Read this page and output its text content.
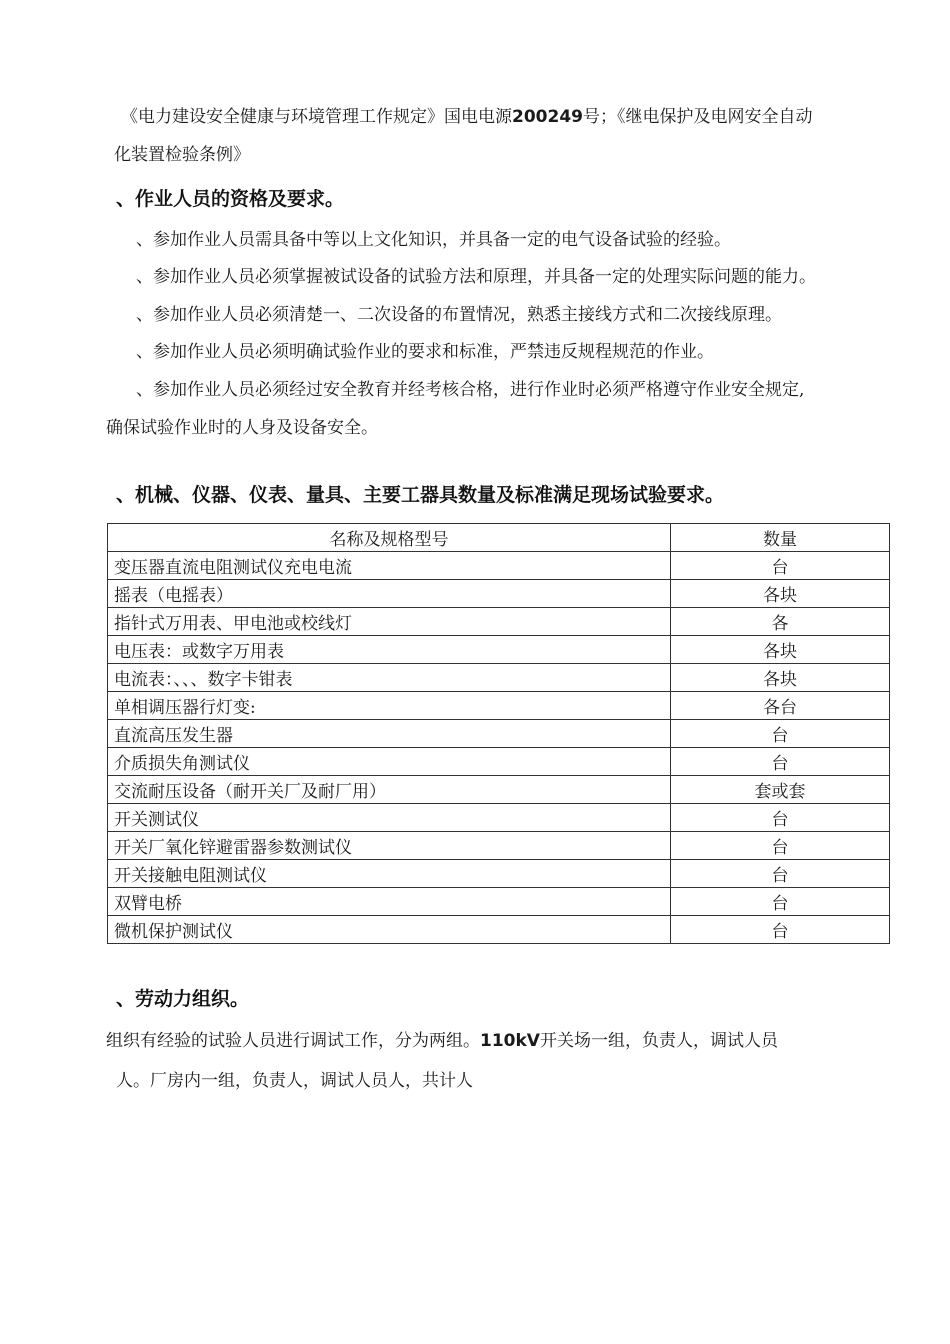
《电力建设安全健康与环境管理工作规定》国电电源200249号；《继电保护及电网安全自动
化装置检验条例》
、作业人员的资格及要求。
、参加作业人员需具备中等以上文化知识，并具备一定的电气设备试验的经验。
、参加作业人员必须掌握被试设备的试验方法和原理，并具备一定的处理实际问题的能力。
、参加作业人员必须清楚一、二次设备的布置情况，熟悉主接线方式和二次接线原理。
、参加作业人员必须明确试验作业的要求和标准，严禁违反规程规范的作业。
、参加作业人员必须经过安全教育并经考核合格，进行作业时必须严格遵守作业安全规定,
确保试验作业时的人身及设备安全。
、机械、仪器、仪表、量具、主要工器具数量及标准满足现场试验要求。
名称及规格型号	数量
变压器直流电阻测试仪充电电流	台
摇表（电摇表）	各块
指针式万用表、甲电池或校线灯	各
电压表：或数字万用表	各块
电流表：、、、数字卡钳表	各块
单相调压器行灯变:	各台
直流高压发生器	台
介质损失角测试仪	台
交流耐压设备（耐开关厂及耐厂用）	套或套
开关测试仪	台
开关厂氧化锌避雷器参数测试仪	台
开关接触电阻测试仪	台
双臂电桥	台
微机保护测试仪	台
、劳动力组织。
组织有经验的试验人员进行调试工作，分为两组。110kV开关场一组，负责人，调试人员
人。厂房内一组，负责人，调试人员人，共计人
